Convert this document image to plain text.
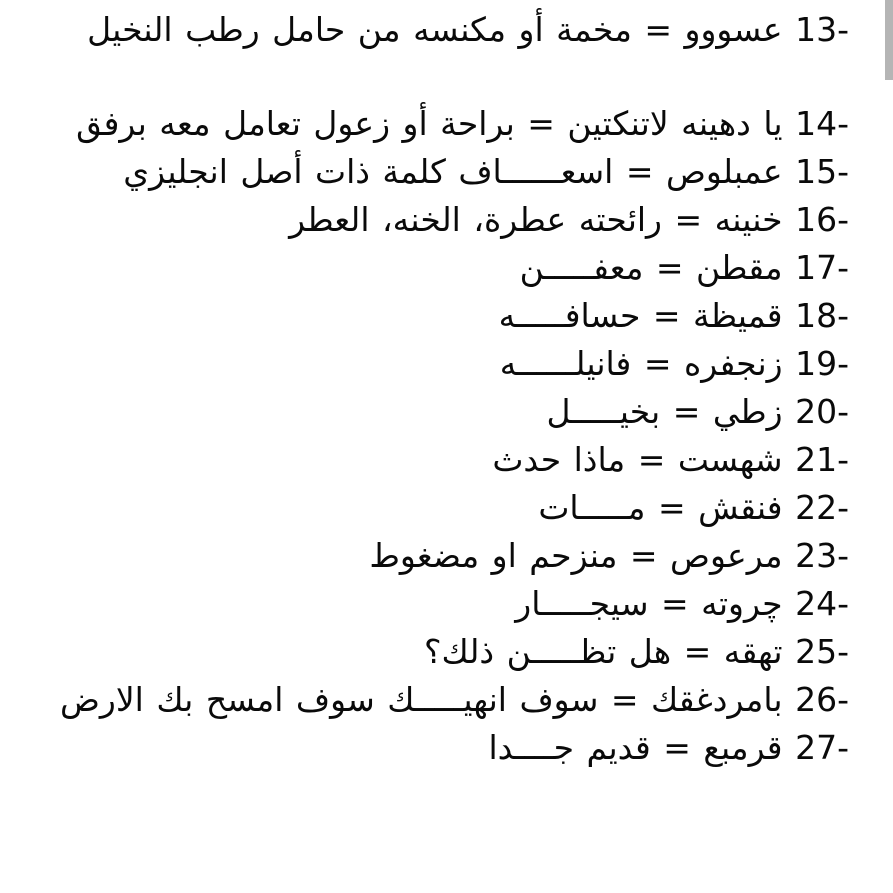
13- عسووو = مخمة أو مكنسه من حامل رطب النخيل
14- يا دهينه لاتنكتين = براحة أو زعول تعامل معه برفق
15- عمبلوص = اسعــــــاف كلمة ذات أصل انجليزي
16- خنينه = رائحته عطرة، الخنه، العطر
17- مقطن = معفـــــن
18- قميظة = حسافـــــه
19- زنجفره = فانيلــــــه
20- زطي = بخيـــــل
21- شهست = ماذا حدث
22- فنقش = مـــــات
23- مرعوص = منزحم او مضغوط
24- چروته = سيجـــــار
25- تهقه = هل تظـــــن ذلك؟
26- بامردغقك = سوف انهيـــــك سوف امسح بك الارض
27- قرمبع = قديم جــــدا
